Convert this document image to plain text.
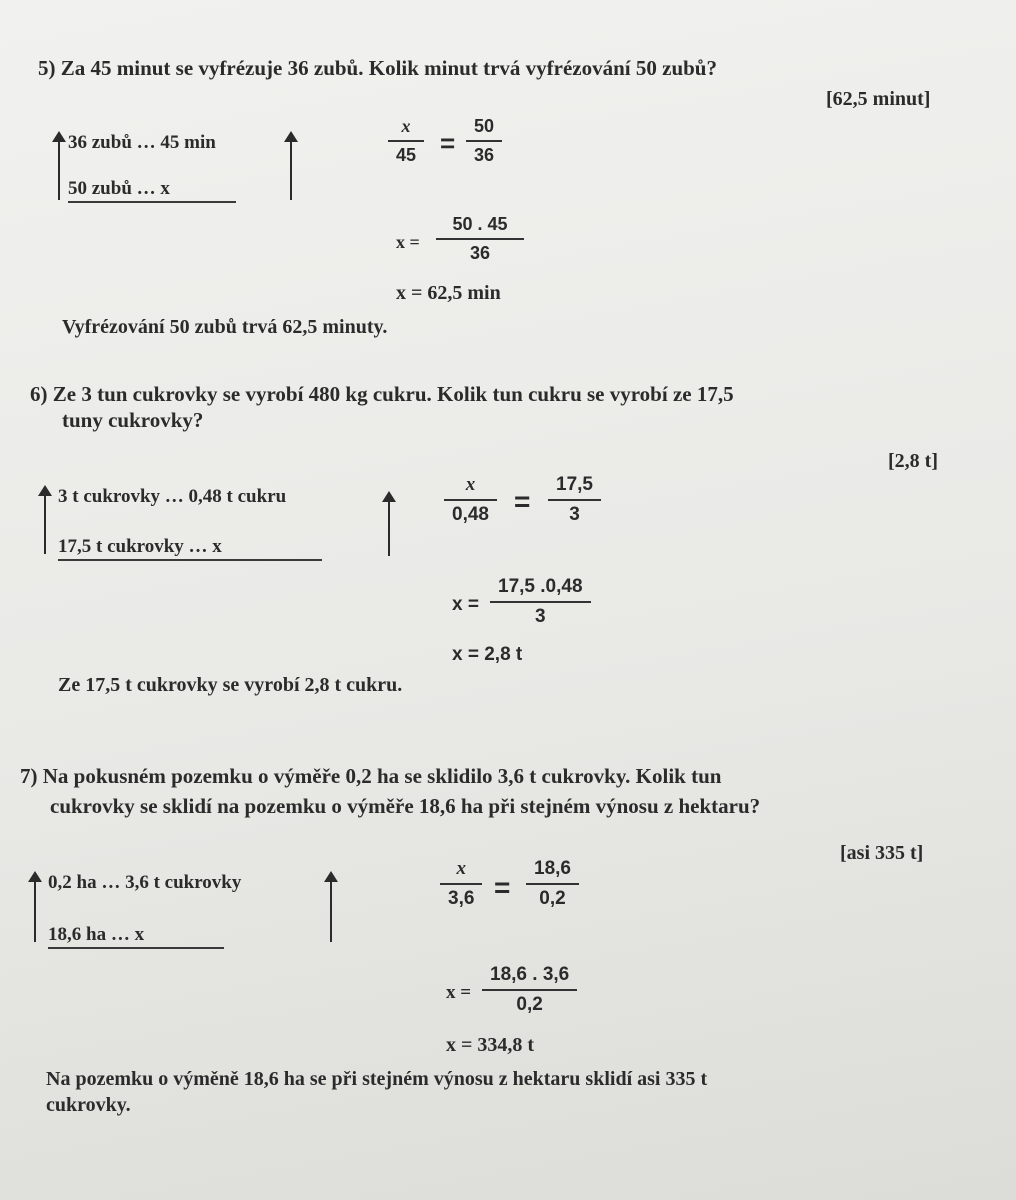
5) Za 45 minut se vyfrézuje 36 zubů. Kolik minut trvá vyfrézování 50 zubů?
[62,5 minut]
36 zubů … 45 min
50 zubů … x
$\frac{x}{45} = \frac{50}{36}$
$x = \frac{50 . 45}{36}$
x = 62,5 min
Vyfrézování 50 zubů trvá 62,5 minuty.
6) Ze 3 tun cukrovky se vyrobí 480 kg cukru. Kolik tun cukru se vyrobí ze 17,5
tuny cukrovky?
[2,8 t]
3 t cukrovky … 0,48 t cukru
17,5 t cukrovky … x
$\frac{x}{0,48} = \frac{17,5}{3}$
$x = \frac{17,5 .0,48}{3}$
x = 2,8 t
Ze 17,5 t cukrovky se vyrobí 2,8 t cukru.
7) Na pokusném pozemku o výměře 0,2 ha se sklidilo 3,6 t cukrovky. Kolik tun
cukrovky se sklidí na pozemku o výměře 18,6 ha při stejném výnosu z hektaru?
[asi 335 t]
0,2 ha … 3,6 t cukrovky
18,6 ha … x
$\frac{x}{3,6} = \frac{18,6}{0,2}$
$x = \frac{18,6 . 3,6}{0,2}$
x = 334,8 t
Na pozemku o výměně 18,6 ha se při stejném výnosu z hektaru sklidí asi 335 t
cukrovky.
